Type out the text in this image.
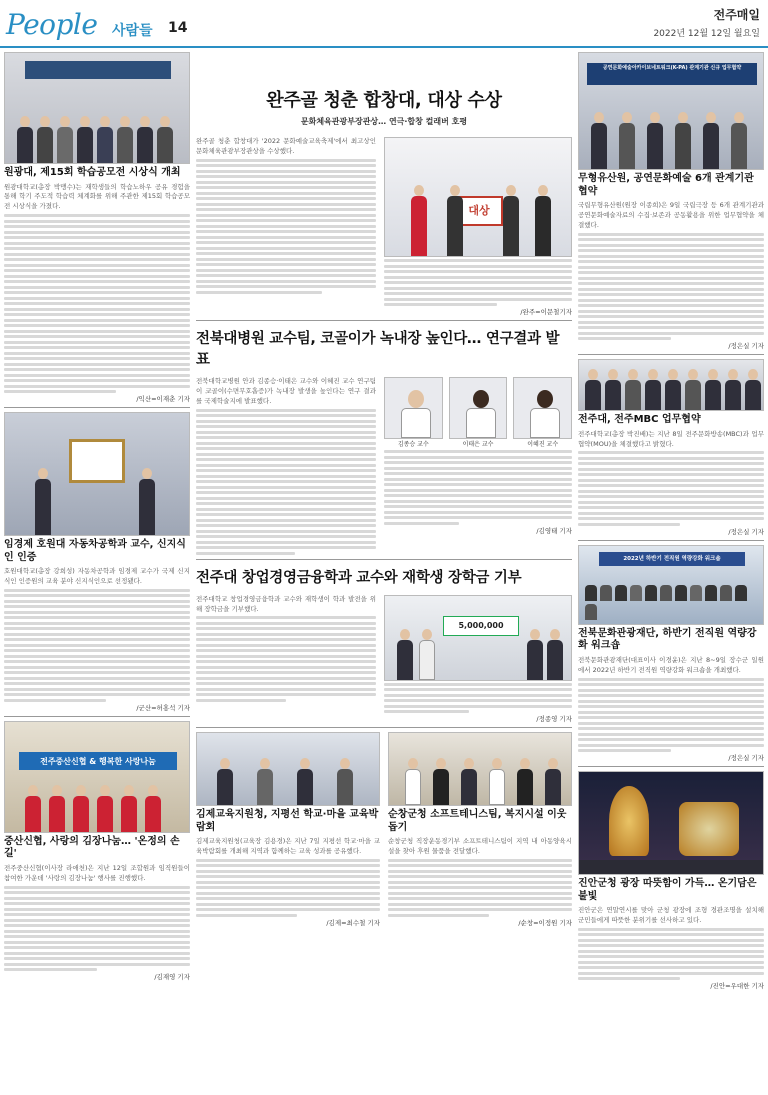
People 사람들 14
전주매일
2022년 12월 12일 월요일
원광대, 제15회 학습공모전 시상식 개최
원광대학교(총장 박맹수)는 재학생들의 학습노하우 공유 경험을 통해 학기 주도적 학습력 체계화를 위해 주관한 제15회 학습공모전 시상식을 가졌다.
/익산=이재춘 기자
임경제 호원대 자동차공학과 교수, 신지식인 인증
호원대학교(총장 강희성) 자동차공학과 임경제 교수가 국제 신지식인 인증원의 교육 분야 신지식인으로 선정됐다.
/군산=허홍석 기자
전주중산신협 & 행복한 사랑나눔
중산신협, 사랑의 김장나눔… '온정의 손길'
전주중산신협(이사장 라애천)은 지난 12일 조합원과 임직원들이 참여한 가운데 '사랑의 김장나눔' 행사를 진행했다.
/김재영 기자
완주골 청춘 합창대, 대상 수상
문화체육관광부장관상… 연극·합창 컬래버 호평
완주골 청춘 합창대가 '2022 문화예술교육축제'에서 최고상인 문화체육관광부장관상을 수상했다.
대상
/완주=이문철기자
전북대병원 교수팀, 코골이가 녹내장 높인다… 연구결과 발표
전북대학교병원 안과 김종승·이태은 교수와 이혜진 교수 연구팀이 코골이(수면무호흡증)가 녹내장 발생을 높인다는 연구 결과를 국제학술지에 발표했다.
김종승 교수	이태은 교수	이혜진 교수
/김영태 기자
전주대 창업경영금융학과 교수와 재학생 장학금 기부
전주대학교 창업경영금융학과 교수와 재학생이 학과 발전을 위해 장학금을 기부했다.
5,000,000
/정종영 기자
김제교육지원청, 지평선 학교·마을 교육박람회
김제교육지원청(교육장 김용경)은 지난 7일 지평선 학교·마을 교육박람회를 개최해 지역과 함께하는 교육 성과를 공유했다.
/김제=최수철 기자
순창군청 소프트테니스팀, 복지시설 이웃돕기
순창군청 직장운동경기부 소프트테니스팀이 지역 내 아동양육시설을 찾아 후원 물품을 전달했다.
/순창=이정원 기자
공연문화예술아카이브네트워크(K-PA) 관계기관 신규 업무협약
무형유산원, 공연문화예술 6개 관계기관 협약
국립무형유산원(원장 이종희)은 9일 국립극장 등 6개 관계기관과 공연문화예술자료의 수집·보존과 공동활용을 위한 업무협약을 체결했다.
/정은실 기자
전주대, 전주MBC 업무협약
전주대학교(총장 박진배)는 지난 8일 전주문화방송(MBC)과 업무협약(MOU)을 체결했다고 밝혔다.
/정은실 기자
2022년 하반기 전직원 역량강화 워크숍
전북문화관광재단, 하반기 전직원 역량강화 워크숍
전북문화관광재단(대표이사 이경윤)은 지난 8~9일 장수군 일원에서 2022년 하반기 전직원 역량강화 워크숍을 개최했다.
/정은실 기자
진안군청 광장 따뜻함이 가득… 온기담은 불빛
진안군은 연말연시를 맞아 군청 광장에 조형 경관조명을 설치해 군민들에게 따뜻한 분위기를 선사하고 있다.
/진안=우대한 기자
